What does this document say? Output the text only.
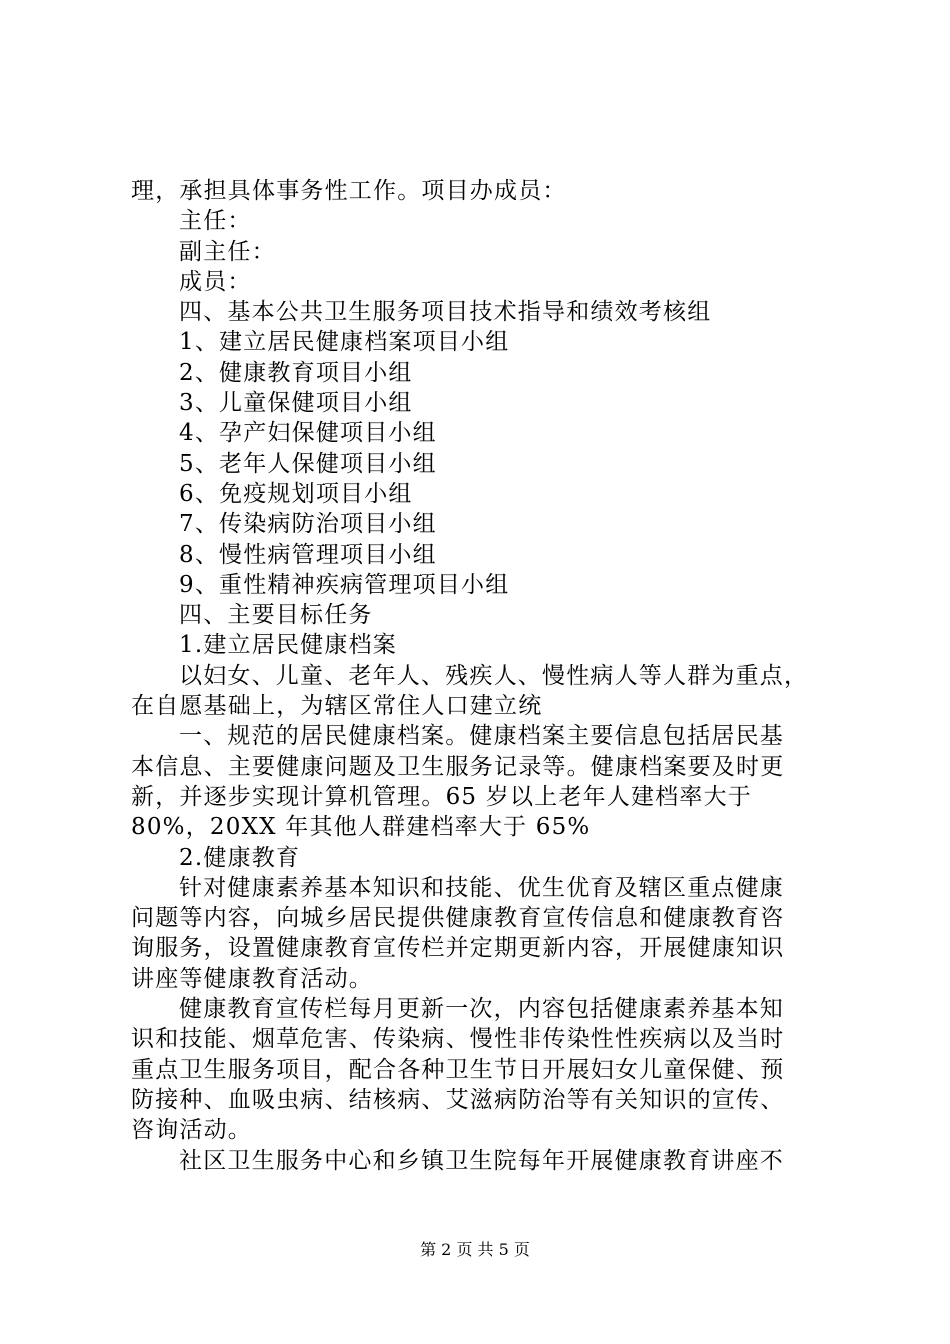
理，承担具体事务性工作。项目办成员：
主任：
副主任：
成员：
四、基本公共卫生服务项目技术指导和绩效考核组
1、建立居民健康档案项目小组
2、健康教育项目小组
3、儿童保健项目小组
4、孕产妇保健项目小组
5、老年人保健项目小组
6、免疫规划项目小组
7、传染病防治项目小组
8、慢性病管理项目小组
9、重性精神疾病管理项目小组
四、主要目标任务
1.建立居民健康档案
以妇女、儿童、老年人、残疾人、慢性病人等人群为重点，
在自愿基础上，为辖区常住人口建立统
一、规范的居民健康档案。健康档案主要信息包括居民基
本信息、主要健康问题及卫生服务记录等。健康档案要及时更
新，并逐步实现计算机管理。65 岁以上老年人建档率大于
80%，20XX 年其他人群建档率大于 65%
2.健康教育
针对健康素养基本知识和技能、优生优育及辖区重点健康
问题等内容，向城乡居民提供健康教育宣传信息和健康教育咨
询服务，设置健康教育宣传栏并定期更新内容，开展健康知识
讲座等健康教育活动。
健康教育宣传栏每月更新一次，内容包括健康素养基本知
识和技能、烟草危害、传染病、慢性非传染性性疾病以及当时
重点卫生服务项目，配合各种卫生节日开展妇女儿童保健、预
防接种、血吸虫病、结核病、艾滋病防治等有关知识的宣传、
咨询活动。
社区卫生服务中心和乡镇卫生院每年开展健康教育讲座不
第 2 页 共 5 页
